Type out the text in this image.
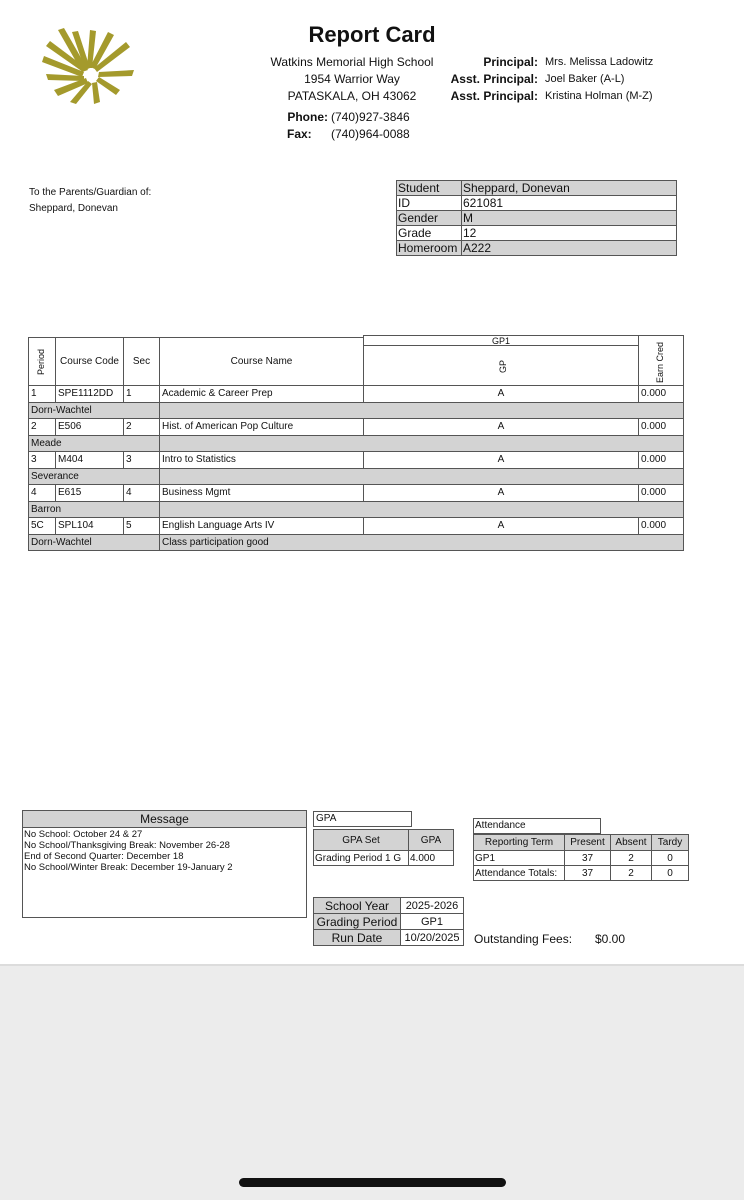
Report Card
Watkins Memorial High School
1954 Warrior Way
PATASKALA, OH 43062
Phone: (740)927-3846
Fax: (740)964-0088
Principal: Mrs. Melissa Ladowitz
Asst. Principal: Joel Baker (A-L)
Asst. Principal: Kristina Holman (M-Z)
To the Parents/Guardian of:
Sheppard, Donevan
Student	Sheppard, Donevan
ID	621081
Gender	M
Grade	12
Homeroom	A222
Period	Course Code	Sec	Course Name
GP1
GP	Earn Cred
1	SPE1112DD	1	Academic & Career Prep	A	0.000
Dorn-Wachtel
2	E506	2	Hist. of American Pop Culture	A	0.000
Meade
3	M404	3	Intro to Statistics	A	0.000
Severance
4	E615	4	Business Mgmt	A	0.000
Barron
5C	SPL104	5	English Language Arts IV	A	0.000
Dorn-Wachtel	Class participation good
Message
No School: October 24 & 27
No School/Thanksgiving Break: November 26-28
End of Second Quarter: December 18
No School/Winter Break: December 19-January 2
GPA
GPA Set	GPA
Grading Period 1 G	4.000
Attendance
Reporting Term	Present	Absent	Tardy
GP1	37	2	0
Attendance Totals:	37	2	0
School Year	2025-2026
Grading Period	GP1
Run Date	10/20/2025 Outstanding Fees: $0.00
